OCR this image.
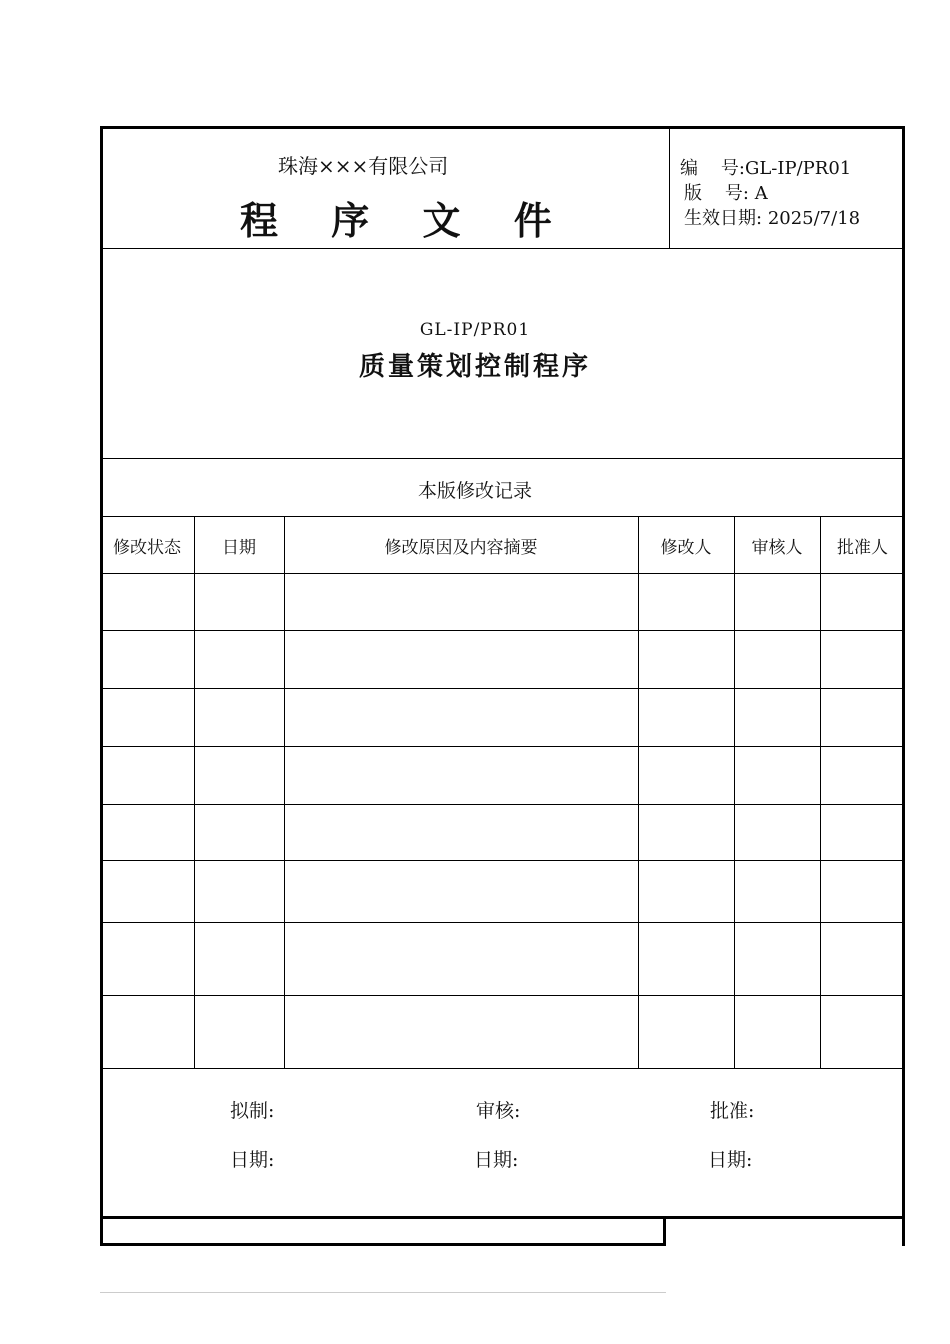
珠海×××有限公司
程 序 文 件
编    号:GL-IP/PR01
版    号: A
生效日期: 2025/7/18
GL-IP/PR01
质量策划控制程序
本版修改记录
修改状态	日期	修改原因及内容摘要	修改人	审核人	批准人
拟制:	审核:	批准:
日期:	日期:	日期:
